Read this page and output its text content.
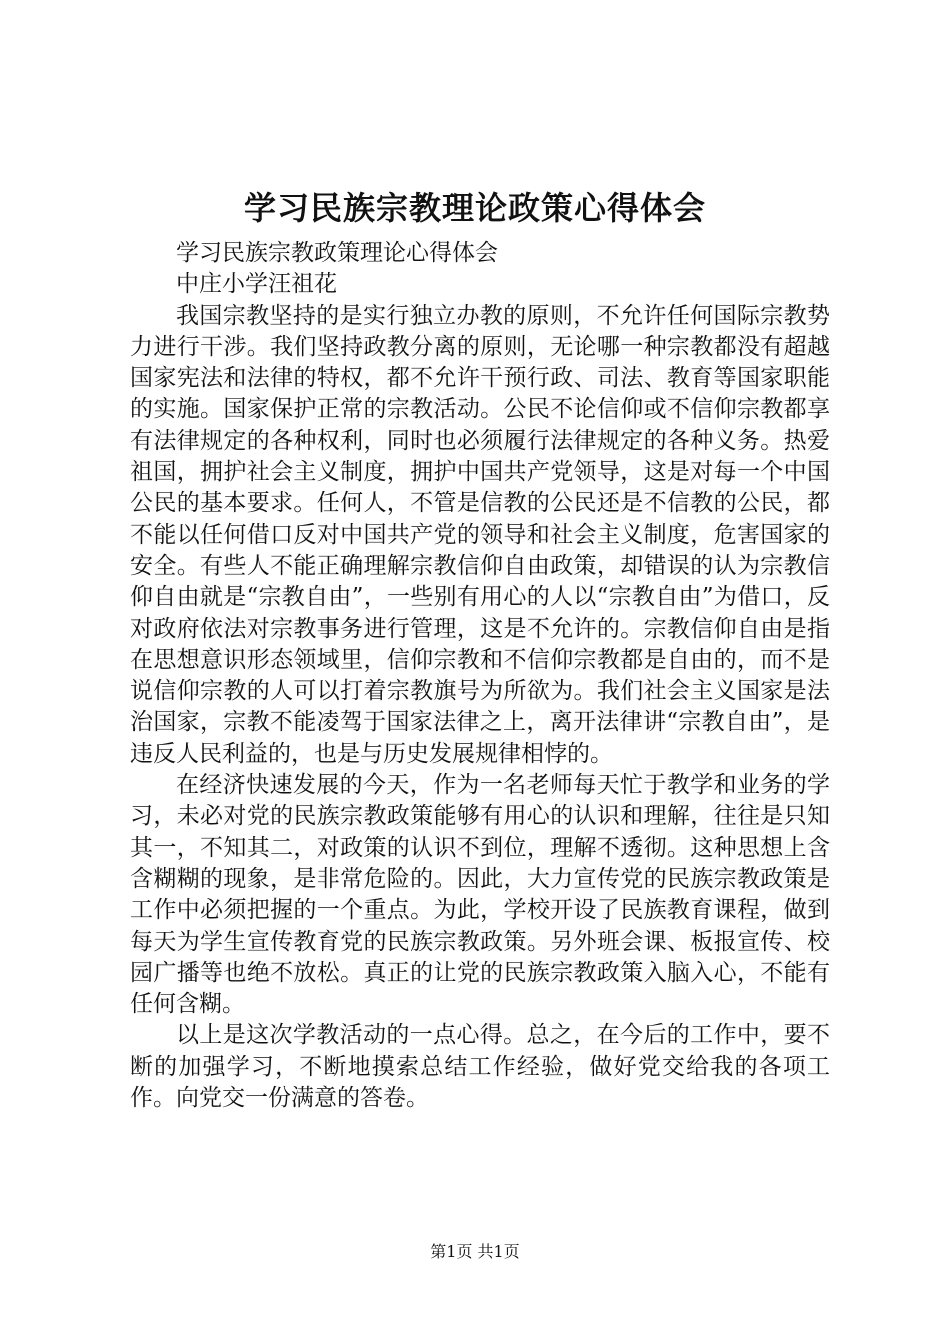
学习民族宗教理论政策心得体会

学习民族宗教政策理论心得体会

中庄小学汪祖花

我国宗教坚持的是实行独立办教的原则，不允许任何国际宗教势力进行干涉。我们坚持政教分离的原则，无论哪一种宗教都没有超越国家宪法和法律的特权，都不允许干预行政、司法、教育等国家职能的实施。国家保护正常的宗教活动。公民不论信仰或不信仰宗教都享有法律规定的各种权利，同时也必须履行法律规定的各种义务。热爱祖国，拥护社会主义制度，拥护中国共产党领导，这是对每一个中国公民的基本要求。任何人，不管是信教的公民还是不信教的公民，都不能以任何借口反对中国共产党的领导和社会主义制度，危害国家的安全。有些人不能正确理解宗教信仰自由政策，却错误的认为宗教信仰自由就是“宗教自由”，一些别有用心的人以“宗教自由”为借口，反对政府依法对宗教事务进行管理，这是不允许的。宗教信仰自由是指在思想意识形态领域里，信仰宗教和不信仰宗教都是自由的，而不是说信仰宗教的人可以打着宗教旗号为所欲为。我们社会主义国家是法治国家，宗教不能凌驾于国家法律之上，离开法律讲“宗教自由”，是违反人民利益的，也是与历史发展规律相悖的。

在经济快速发展的今天，作为一名老师每天忙于教学和业务的学习，未必对党的民族宗教政策能够有用心的认识和理解，往往是只知其一，不知其二，对政策的认识不到位，理解不透彻。这种思想上含含糊糊的现象，是非常危险的。因此，大力宣传党的民族宗教政策是工作中必须把握的一个重点。为此，学校开设了民族教育课程，做到每天为学生宣传教育党的民族宗教政策。另外班会课、板报宣传、校园广播等也绝不放松。真正的让党的民族宗教政策入脑入心，不能有任何含糊。

以上是这次学教活动的一点心得。总之，在今后的工作中，要不断的加强学习，不断地摸索总结工作经验，做好党交给我的各项工作。向党交一份满意的答卷。

第1页 共1页
